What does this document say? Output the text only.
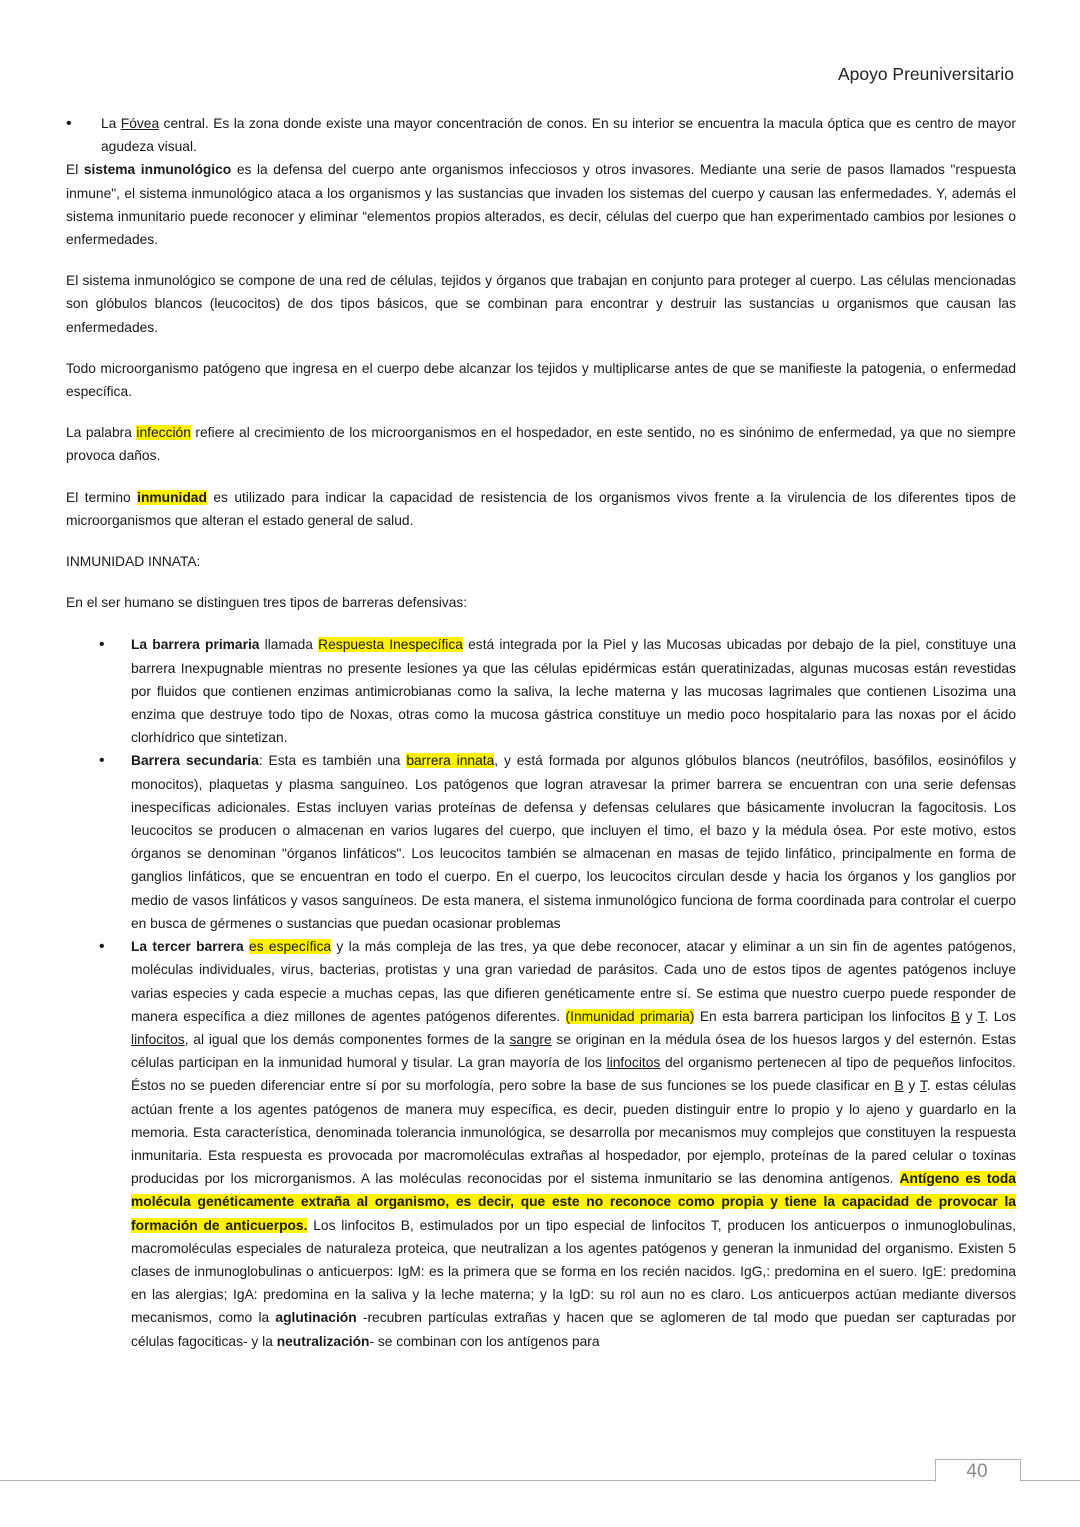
Apoyo Preuniversitario

• La Fóvea central. Es la zona donde existe una mayor concentración de conos. En su interior se encuentra la macula óptica que es centro de mayor agudeza visual.

El sistema inmunológico es la defensa del cuerpo ante organismos infecciosos y otros invasores. Mediante una serie de pasos llamados "respuesta inmune", el sistema inmunológico ataca a los organismos y las sustancias que invaden los sistemas del cuerpo y causan las enfermedades. Y, además el sistema inmunitario puede reconocer y eliminar “elementos propios alterados, es decir, células del cuerpo que han experimentado cambios por lesiones o enfermedades.

El sistema inmunológico se compone de una red de células, tejidos y órganos que trabajan en conjunto para proteger al cuerpo. Las células mencionadas son glóbulos blancos (leucocitos) de dos tipos básicos, que se combinan para encontrar y destruir las sustancias u organismos que causan las enfermedades.

Todo microorganismo patógeno que ingresa en el cuerpo debe alcanzar los tejidos y multiplicarse antes de que se manifieste la patogenia, o enfermedad específica.

La palabra infección refiere al crecimiento de los microorganismos en el hospedador, en este sentido, no es sinónimo de enfermedad, ya que no siempre provoca daños.

El termino inmunidad es utilizado para indicar la capacidad de resistencia de los organismos vivos frente a la virulencia de los diferentes tipos de microorganismos que alteran el estado general de salud.

INMUNIDAD INNATA:

En el ser humano se distinguen tres tipos de barreras defensivas:

• La barrera primaria llamada Respuesta Inespecífica está integrada por la Piel y las Mucosas ubicadas por debajo de la piel, constituye una barrera Inexpugnable mientras no presente lesiones ya que las células epidérmicas están queratinizadas, algunas mucosas están revestidas por fluidos que contienen enzimas antimicrobianas como la saliva, la leche materna y las mucosas lagrimales que contienen Lisozima una enzima que destruye todo tipo de Noxas, otras como la mucosa gástrica constituye un medio poco hospitalario para las noxas por el ácido clorhídrico que sintetizan.
• Barrera secundaria: Esta es también una barrera innata, y está formada por algunos glóbulos blancos (neutrófilos, basófilos, eosinófilos y monocitos), plaquetas y plasma sanguíneo. Los patógenos que logran atravesar la primer barrera se encuentran con una serie defensas inespecíficas adicionales. Estas incluyen varias proteínas de defensa y defensas celulares que básicamente involucran la fagocitosis. Los leucocitos se producen o almacenan en varios lugares del cuerpo, que incluyen el timo, el bazo y la médula ósea. Por este motivo, estos órganos se denominan "órganos linfáticos". Los leucocitos también se almacenan en masas de tejido linfático, principalmente en forma de ganglios linfáticos, que se encuentran en todo el cuerpo. En el cuerpo, los leucocitos circulan desde y hacia los órganos y los ganglios por medio de vasos linfáticos y vasos sanguíneos. De esta manera, el sistema inmunológico funciona de forma coordinada para controlar el cuerpo en busca de gérmenes o sustancias que puedan ocasionar problemas
• La tercer barrera es específica y la más compleja de las tres, ya que debe reconocer, atacar y eliminar a un sin fin de agentes patógenos, moléculas individuales, virus, bacterias, protistas y una gran variedad de parásitos. Cada uno de estos tipos de agentes patógenos incluye varias especies y cada especie a muchas cepas, las que difieren genéticamente entre sí. Se estima que nuestro cuerpo puede responder de manera específica a diez millones de agentes patógenos diferentes. (Inmunidad primaria) En esta barrera participan los linfocitos B y T. Los linfocitos, al igual que los demás componentes formes de la sangre se originan en la médula ósea de los huesos largos y del esternón. Estas células participan en la inmunidad humoral y tisular. La gran mayoría de los linfocitos del organismo pertenecen al tipo de pequeños linfocitos. Éstos no se pueden diferenciar entre sí por su morfología, pero sobre la base de sus funciones se los puede clasificar en B y T. estas células actúan frente a los agentes patógenos de manera muy específica, es decir, pueden distinguir entre lo propio y lo ajeno y guardarlo en la memoria. Esta característica, denominada tolerancia inmunológica, se desarrolla por mecanismos muy complejos que constituyen la respuesta inmunitaria. Esta respuesta es provocada por macromoléculas extrañas al hospedador, por ejemplo, proteínas de la pared celular o toxinas producidas por los microrganismos. A las moléculas reconocidas por el sistema inmunitario se las denomina antígenos. Antígeno es toda molécula genéticamente extraña al organismo, es decir, que este no reconoce como propia y tiene la capacidad de provocar la formación de anticuerpos. Los linfocitos B, estimulados por un tipo especial de linfocitos T, producen los anticuerpos o inmunoglobulinas, macromoléculas especiales de naturaleza proteica, que neutralizan a los agentes patógenos y generan la inmunidad del organismo. Existen 5 clases de inmunoglobulinas o anticuerpos: IgM: es la primera que se forma en los recién nacidos. IgG,: predomina en el suero. IgE: predomina en las alergias; IgA: predomina en la saliva y la leche materna; y la IgD: su rol aun no es claro. Los anticuerpos actúan mediante diversos mecanismos, como la aglutinación -recubren partículas extrañas y hacen que se aglomeren de tal modo que puedan ser capturadas por células fagociticas- y la neutralización- se combinan con los antígenos para
40
